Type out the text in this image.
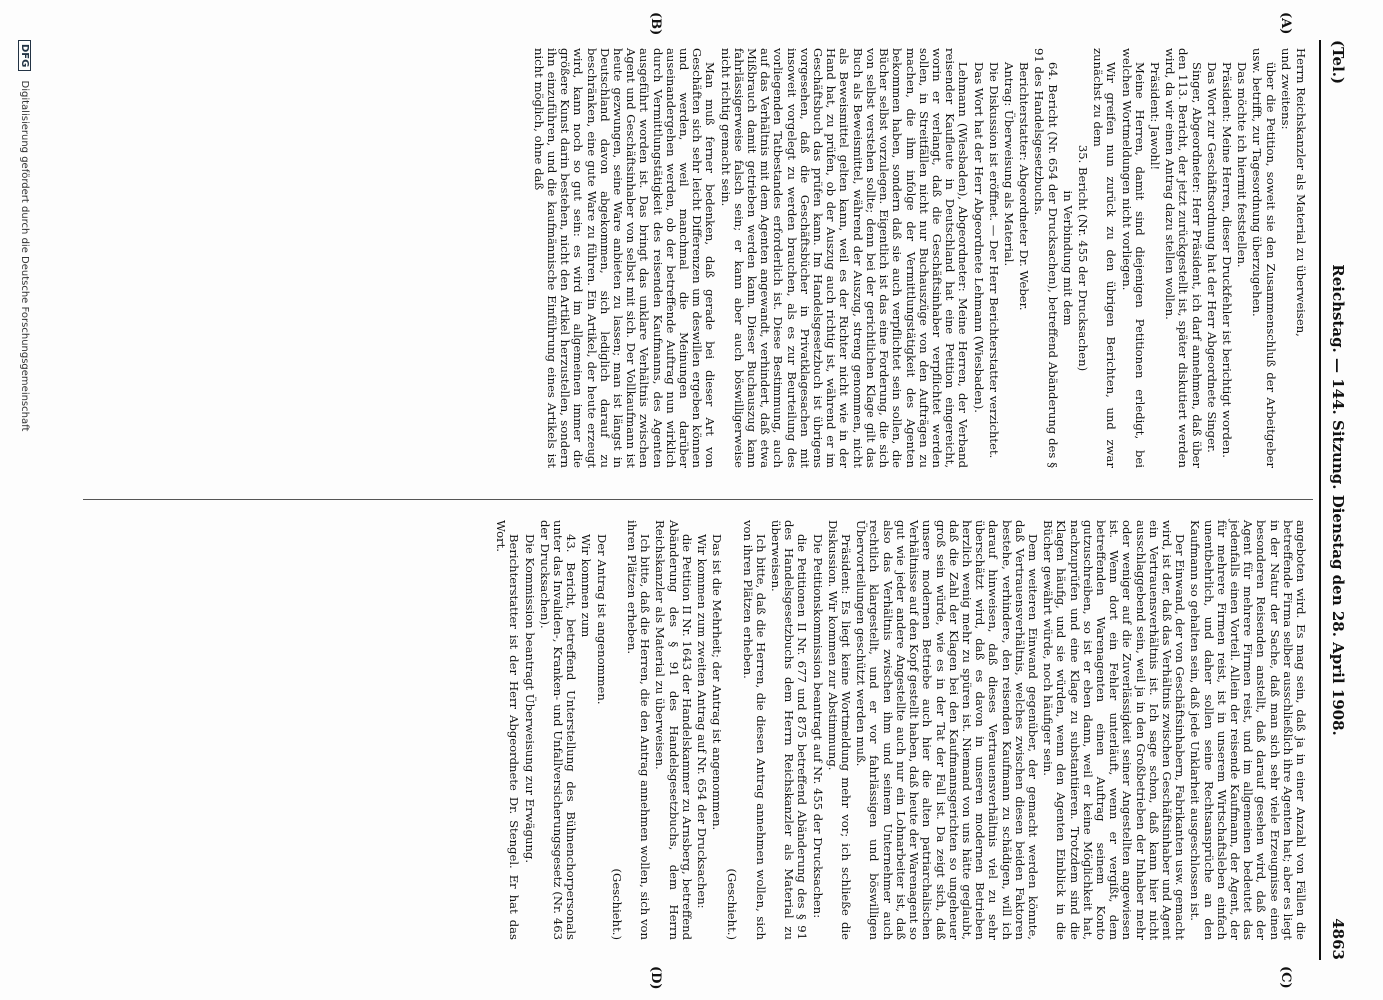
(Tel.)
Reichstag. — 144. Sitzung. Dienstag den 28. April 1908.
4863
(A)
(B)
(C)
(D)

Herrn Reichskanzler als Material zu überweisen,

und zweitens:

über die Petition, soweit sie den Zusammenschluß der Arbeitgeber usw. betrifft, zur Tagesordnung überzugehen.

Das möchte ich hiermit feststellen.

Präsident: Meine Herren, dieser Druckfehler ist berichtigt worden.

Das Wort zur Geschäftsordnung hat der Herr Abgeordnete Singer.

Singer, Abgeordneter: Herr Präsident, ich darf annehmen, daß über den 113. Bericht, der jetzt zurückgestellt ist, später diskutiert werden wird, da wir einen Antrag dazu stellen wollen.

Präsident: Jawohl!

Meine Herren, damit sind diejenigen Petitionen erledigt, bei welchen Wortmeldungen nicht vorliegen.

Wir greifen nun zurück zu den übrigen Berichten, und zwar zunächst zu dem

35. Bericht (Nr. 455 der Drucksachen)

in Verbindung mit dem

64. Bericht (Nr. 654 der Drucksachen), betreffend Abänderung des § 91 des Handelsgesetzbuchs.

Berichterstatter: Abgeordneter Dr. Weber.

Antrag: Überweisung als Material.

Die Diskussion ist eröffnet. — Der Herr Berichterstatter verzichtet.

Das Wort hat der Herr Abgeordnete Lehmann (Wiesbaden).

Lehmann (Wiesbaden), Abgeordneter: Meine Herren, der Verband reisender Kaufleute in Deutschland hat eine Petition eingereicht, worin er verlangt, daß die Geschäftsinhaber verpflichtet werden sollen, in Streitfällen nicht nur Buchauszüge von den Aufträgen zu machen, die ihm infolge der Vermittlungstätigkeit des Agenten bekommen haben, sondern daß sie auch verpflichtet sein sollen, die Bücher selbst vorzulegen. Eigentlich ist das eine Forderung, die sich von selbst verstehen sollte; denn bei der gerichtlichen Klage gilt das Buch als Beweismittel, während der Auszug, streng genommen, nicht als Beweismittel gelten kann, weil es der Richter nicht wie in der Hand hat, zu prüfen, ob der Auszug auch richtig ist, während er im Geschäftsbuch das prüfen kann. Im Handelsgesetzbuch ist übrigens vorgesehen, daß die Geschäftsbücher in Privatklagesachen mit insoweit vorgelegt zu werden brauchen, als es zur Beurteilung des vorliegenden Tatbestandes erforderlich ist. Diese Bestimmung, auch auf das Verhältnis mit dem Agenten angewandt, verhindert, daß etwa Mißbrauch damit getrieben werden kann. Dieser Buchauszug kann fahrlässigerweise falsch sein; er kann aber auch böswilligerweise nicht richtig gemacht sein.

Man muß ferner bedenken, daß gerade bei dieser Art von Geschäften sich sehr leicht Differenzen um deswillen ergeben können und werden, weil manchmal die Meinungen darüber auseinandergehen werden, ob der betreffende Auftrag nun wirklich durch Vermittlungstätigkeit des reisenden Kaufmanns, des Agenten ausgeführt worden ist. Das bringt das unklare Verhältnis zwischen Agent und Geschäftsinhaber von selbst mit sich. Der Vollkaufmann ist heute gezwungen, seine Ware anbieten zu lassen; man ist längst in Deutschland davon abgekommen, sich lediglich darauf zu beschränken, eine gute Ware zu führen. Ein Artikel, der heute erzeugt wird, kann noch so gut sein: es wird im allgemeinen immer die größere Kunst darin bestehen, nicht den Artikel herzustellen, sondern ihn einzuführen, und die kaufmännische Einführung eines Artikels ist nicht möglich, ohne daß

angeboten wird. Es mag sein, daß ja in einer Anzahl von Fällen die betreffende Firma selber ausschließlich ihre Agenten hat; aber es liegt in der Natur der Sache, daß man sich sehr viele Erzeugnisse einen besonderen Reisenden anstellt, daß darauf gesehen wird, daß der Agent für mehrere Firmen reist, und im allgemeinen bedeutet das jedenfalls einen Vorteil. Allein der reisende Kaufmann, der Agent, der für mehrere Firmen reist, ist in unserem Wirtschaftsleben einfach unentbehrlich, und daher sollen seine Rechtsansprüche an den Kaufmann so gehalten sein, daß jede Unklarheit ausgeschlossen ist.

Der Einwand, der von Geschäftsinhabern, Fabrikanten usw. gemacht wird, ist der, daß das Verhältnis zwischen Geschäftsinhaber und Agent ein Vertrauensverhältnis ist. Ich sage schon, daß kann hier nicht ausschlaggebend sein, weil ja in den Großbetrieben der Inhaber mehr oder weniger auf die Zuverlässigkeit seiner Angestellten angewiesen ist. Wenn dort ein Fehler unterläuft, wenn er vergißt, dem betreffenden Warenagenten einen Auftrag seinem Konto gutzuschreiben, so ist er eben dann, weil er keine Möglichkeit hat, nachzuprüfen und eine Klage zu substantiieren. Trotzdem sind die Klagen häufig, und sie würden, wenn den Agenten Einblick in die Bücher gewährt würde, noch häufiger sein.

Dem weiteren Einwand gegenüber, der gemacht werden könnte, daß Vertrauensverhältnis, welches zwischen diesen beiden Faktoren bestehe, verhindere, den reisenden Kaufmann zu schädigen, will ich darauf hinweisen, daß dieses Vertrauensverhältnis viel zu sehr überschätzt wird, daß es davon in unseren modernen Betrieben herzlich wenig mehr zu spüren ist. Niemand von uns hätte geglaubt, daß die Zahl der Klagen bei den Kaufmannsgerichten so ungeheuer groß sein würde, wie es in der Tat der Fall ist. Da zeigt sich, daß unsere modernen Betriebe auch hier die alten patriarchalischen Verhältnisse auf den Kopf gestellt haben, daß heute der Warenagent so gut wie jeder andere Angestellte auch nur ein Lohnarbeiter ist, daß also das Verhältnis zwischen ihm und seinem Unternehmer auch rechtlich klargestellt, und er vor fahrlässigen und böswilligen Übervorteilungen geschützt werden muß.

Präsident: Es liegt keine Wortmeldung mehr vor; ich schließe die Diskussion. Wir kommen zur Abstimmung.

Die Petitionskommission beantragt auf Nr. 455 der Drucksachen:

die Petitionen II Nr. 677 und 875 betreffend Abänderung des § 91 des Handelsgesetzbuchs dem Herrn Reichskanzler als Material zu überweisen.

Ich bitte, daß die Herren, die diesen Antrag annehmen wollen, sich von ihren Plätzen erheben.

(Geschieht.)

Das ist die Mehrheit; der Antrag ist angenommen.

Wir kommen zum zweiten Antrag auf Nr. 654 der Drucksachen:

die Petition II Nr. 1643 der Handelskammer zu Arnsberg, betreffend Abänderung des § 91 des Handelsgesetzbuchs, dem Herrn Reichskanzler als Material zu überweisen.

Ich bitte, daß die Herren, die den Antrag annehmen wollen, sich von ihren Plätzen erheben.

(Geschieht.)

Der Antrag ist angenommen.

Wir kommen zum

43. Bericht, betreffend Unterstellung des Bühnenchorpersonals unter das Invaliden-, Kranken- und Unfallversicherungsgesetz (Nr. 463 der Drucksachen).

Die Kommission beantragt Überweisung zur Erwägung.

Berichterstatter ist der Herr Abgeordnete Dr. Stengel. Er hat das Wort.

DFG Digitalisierung gefördert durch die Deutsche Forschungsgemeinschaft
